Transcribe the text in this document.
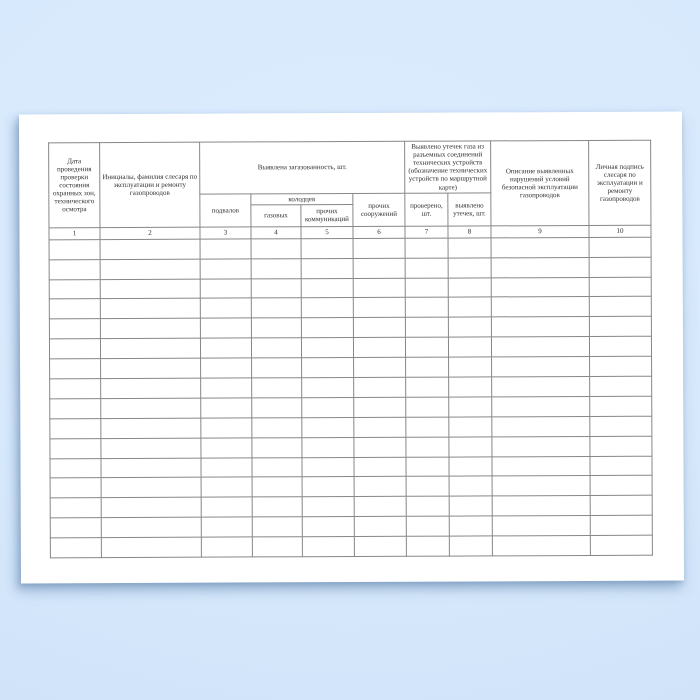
Дата проведения проверки состояния охранных зон, технического осмотра	Инициалы, фамилия слесаря по эксплуатации и ремонту газопроводов	Выявлена загазованность, шт.				Выявлено утечек газа из разъемных соединений технических устройств (обозначение технических устройств по маршрутной карте)		Описание выявленных нарушений условий безопасной эксплуатации газопроводов	Личная подпись слесаря по эксплуатации и ремонту газопроводов
		подвалов	колодцев		прочих сооружений	проверено, шт.	выявлено утечек, шт.		
			газовых	прочих коммуникаций					
1	2	3	4	5	6	7	8	9	10
